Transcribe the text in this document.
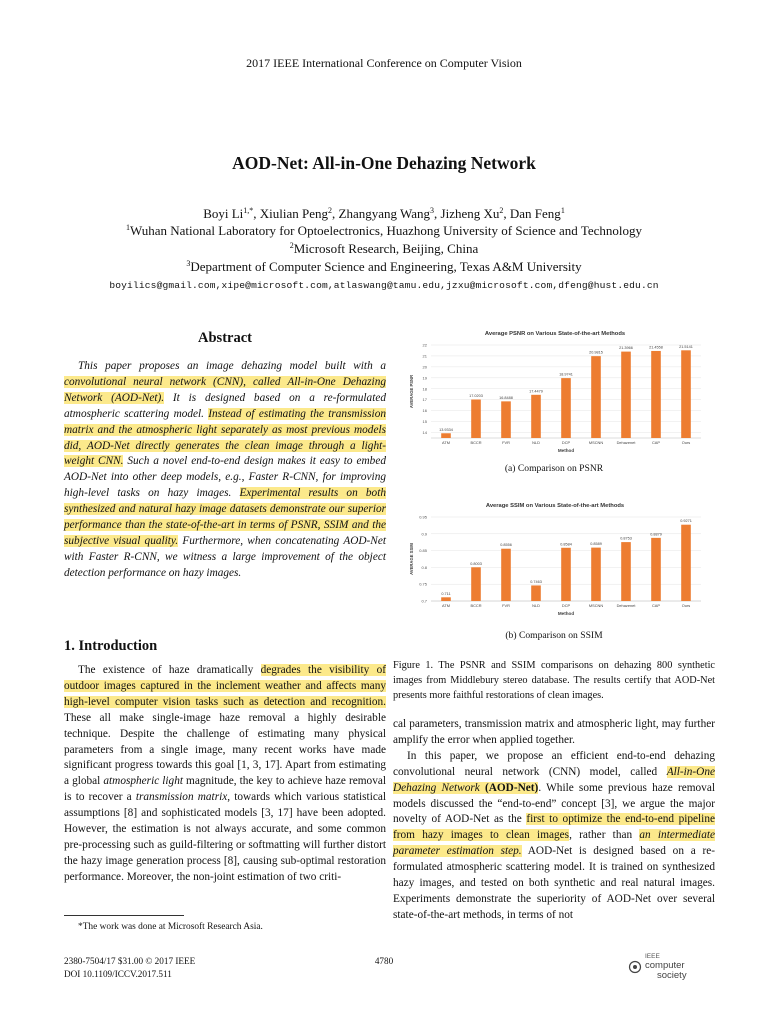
2017 IEEE International Conference on Computer Vision
AOD-Net: All-in-One Dehazing Network
Boyi $Li^{1,*}$, Xiulian Peng$^2$, Zhangyang Wang$^3$, Jizheng Xu$^2$, Dan Feng$^1$
$^1$Wuhan National Laboratory for Optoelectronics, Huazhong University of Science and Technology
$^2$Microsoft Research, Beijing, China
$^3$Department of Computer Science and Engineering, Texas A&M University
boyilics@gmail.com,xipe@microsoft.com,atlaswang@tamu.edu,jzxu@microsoft.com,dfeng@hust.edu.cn
Abstract

This paper proposes an image dehazing model built with a convolutional neural network (CNN), called All-in-One Dehazing Network (AOD-Net). It is designed based on a re-formulated atmospheric scattering model. Instead of estimating the transmission matrix and the atmospheric light separately as most previous models did, AOD-Net directly generates the clean image through a light-weight CNN. Such a novel end-to-end design makes it easy to embed AOD-Net into other deep models, e.g., Faster R-CNN, for improving high-level tasks on hazy images. Experimental results on both synthesized and natural hazy image datasets demonstrate our superior performance than the state-of-the-art in terms of PSNR, SSIM and the subjective visual quality. Furthermore, when concatenating AOD-Net with Faster R-CNN, we witness a large improvement of the object detection performance on hazy images.

1. Introduction

The existence of haze dramatically degrades the visibility of outdoor images captured in the inclement weather and affects many high-level computer vision tasks such as detection and recognition. These all make single-image haze removal a highly desirable technique. Despite the challenge of estimating many physical parameters from a single image, many recent works have made significant progress towards this goal [1, 3, 17]. Apart from estimating a global atmospheric light magnitude, the key to achieve haze removal is to recover a transmission matrix, towards which various statistical assumptions [8] and sophisticated models [3, 17] have been adopted. However, the estimation is not always accurate, and some common pre-processing such as guild-filtering or softmatting will further distort the hazy image generation process [8], causing sub-optimal restoration performance. Moreover, the non-joint estimation of two criti-

*The work was done at Microsoft Research Asia.
Average PSNR on Various State-of-the-art Methods
22
21
20
19
18
17
16
15
14
AVERAGE PSNR
13.9334
ATM
17.0203
BCCR
16.8488
FVR
17.4479
NLD
18.9741
DCP
20.9815
MSCNN
21.3966
Dehazenet
21.4558
CAP
21.5141
Ours
Method
(a) Comparison on PSNR
Average SSIM on Various State-of-the-art Methods
0.95
0.9
0.85
0.8
0.75
0.7
AVERAGE SSIM
0.711
ATM
0.8003
BCCR
0.8556
FVR
0.7463
NLD
0.8584
DCP
0.8589
MSCNN
0.8753
Dehazenet
0.8879
CAP
0.9271
Ours
Method
(b) Comparison on SSIM
Figure 1. The PSNR and SSIM comparisons on dehazing 800 synthetic images from Middlebury stereo database. The results certify that AOD-Net presents more faithful restorations of clean images.

cal parameters, transmission matrix and atmospheric light, may further amplify the error when applied together.

In this paper, we propose an efficient end-to-end dehazing convolutional neural network (CNN) model, called All-in-One Dehazing Network (AOD-Net). While some previous haze removal models discussed the “end-to-end” concept [3], we argue the major novelty of AOD-Net as the first to optimize the end-to-end pipeline from hazy images to clean images, rather than an intermediate parameter estimation step. AOD-Net is designed based on a re-formulated atmospheric scattering model. It is trained on synthesized hazy images, and tested on both synthetic and real natural images. Experiments demonstrate the superiority of AOD-Net over several state-of-the-art methods, in terms of not

2380-7504/17 $31.00 © 2017 IEEE
DOI 10.1109/ICCV.2017.511
4780	IEEE
computer
society
